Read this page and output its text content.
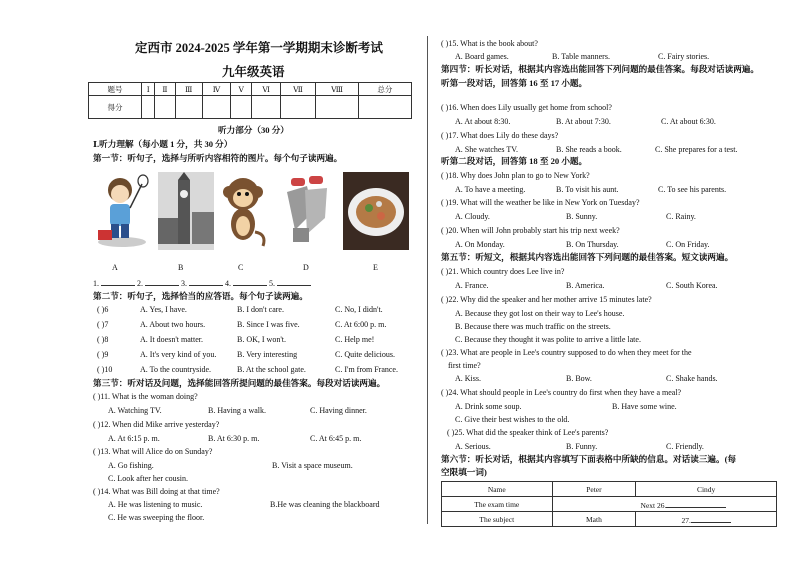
定西市 2024-2025 学年第一学期期末诊断考试
九年级英语
题号	Ⅰ	Ⅱ	Ⅲ	Ⅳ	Ⅴ	Ⅵ	Ⅶ	Ⅷ	总分
得分									
听力部分（30 分）
Ⅰ.听力理解（每小题 1 分，共 30 分）
第一节：听句子，选择与所听内容相符的图片。每个句子读两遍。
A	B	C	D	E
1.	2.	3.	4.	5.
第二节：听句子，选择恰当的应答语。每个句子读两遍。
( )6	A. Yes, I have.	B. I don't care.	C. No, I didn't.
( )7	A. About two hours.	B. Since I was five.	C. At 6:00 p. m.
( )8	A. It doesn't matter.	B. OK, I won't.	C. Help me!
( )9	A. It's very kind of you.	B. Very interesting	C. Quite delicious.
( )10	A. To the countryside.	B. At the school gate.	C. I'm from France.
第三节：听对话及问题，选择能回答所提问题的最佳答案。每段对话读两遍。
( )11. What is the woman doing?
A. Watching TV.	B. Having a walk.	C. Having dinner.
( )12. When did Mike arrive yesterday?
A. At 6:15 p. m.	B. At 6:30 p. m.	C. At 6:45 p. m.
( )13. What will Alice do on Sunday?
A. Go fishing.	B. Visit a space museum.
C. Look after her cousin.
( )14. What was Bill doing at that time?
A. He was listening to music.	B.He was cleaning the blackboard
C. He was sweeping the floor.
( )15. What is the book about?
A. Board games.	B. Table manners.	C. Fairy stories.
第四节：听长对话，根据其内容选出能回答下列问题的最佳答案。每段对话读两遍。
听第一段对话，回答第 16 至 17 小题。
( )16. When does Lily usually get home from school?
A. At about 8:30.	B. At about 7:30.	C. At about 6:30.
( )17. What does Lily do these days?
A. She watches TV.	B. She reads a book.	C. She prepares for a test.
听第二段对话，回答第 18 至 20 小题。
( )18. Why does John plan to go to New York?
A. To have a meeting.	B. To visit his aunt.	C. To see his parents.
( )19. What will the weather be like in New York on Tuesday?
A. Cloudy.	B. Sunny.	C. Rainy.
( )20. When will John probably start his trip next week?
A. On Monday.	B. On Thursday.	C. On Friday.
第五节：听短文，根据其内容选出能回答下列问题的最佳答案。短文读两遍。
( )21. Which country does Lee live in?
A. France.	B. America.	C. South Korea.
( )22. Why did the speaker and her mother arrive 15 minutes late?
A. Because they got lost on their way to Lee's house.
B. Because there was much traffic on the streets.
C. Because they thought it was polite to arrive a little late.
( )23. What are people in Lee's country supposed to do when they meet for the
first time?
A. Kiss.	B. Bow.	C. Shake hands.
( )24. What should people in Lee's country do first when they have a meal?
A. Drink some soup.	B. Have some wine.
C. Give their best wishes to the old.
( )25. What did the speaker think of Lee's parents?
A. Serious.	B. Funny.	C. Friendly.
第六节：听长对话，根据其内容填写下面表格中所缺的信息。对话读三遍。(每
空限填一词)
Name	Peter	Cindy
The exam time	Next 26.	
The subject	Math	27.
